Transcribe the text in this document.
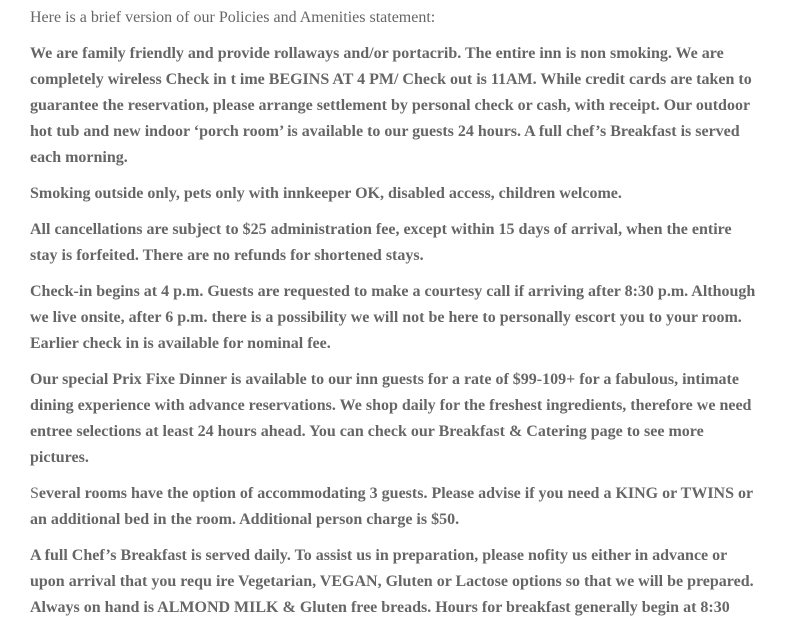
Here is a brief version of our Policies and Amenities statement:

We are family friendly and provide rollaways and/or portacrib. The entire inn is non smoking. We are completely wireless Check in t ime BEGINS AT 4 PM/ Check out is 11AM. While credit cards are taken to guarantee the reservation, please arrange settlement by personal check or cash, with receipt. Our outdoor hot tub and new indoor ‘porch room’ is available to our guests 24 hours. A full chef’s Breakfast is served each morning.

Smoking outside only, pets only with innkeeper OK, disabled access, children welcome.

All cancellations are subject to $25 administration fee, except within 15 days of arrival, when the entire stay is forfeited. There are no refunds for shortened stays.

Check-in begins at 4 p.m. Guests are requested to make a courtesy call if arriving after 8:30 p.m. Although we live onsite, after 6 p.m. there is a possibility we will not be here to personally escort you to your room. Earlier check in is available for nominal fee.

Our special Prix Fixe Dinner is available to our inn guests for a rate of $99-109+ for a fabulous, intimate dining experience with advance reservations. We shop daily for the freshest ingredients, therefore we need entree selections at least 24 hours ahead. You can check our Breakfast & Catering page to see more pictures.

Several rooms have the option of accommodating 3 guests. Please advise if you need a KING or TWINS or an additional bed in the room. Additional person charge is $50.

A full Chef’s Breakfast is served daily. To assist us in preparation, please nofity us either in advance or upon arrival that you requ ire Vegetarian, VEGAN, Gluten or Lactose options so that we will be prepared. Always on hand is ALMOND MILK & Gluten free breads. Hours for breakfast generally begin at 8:30
